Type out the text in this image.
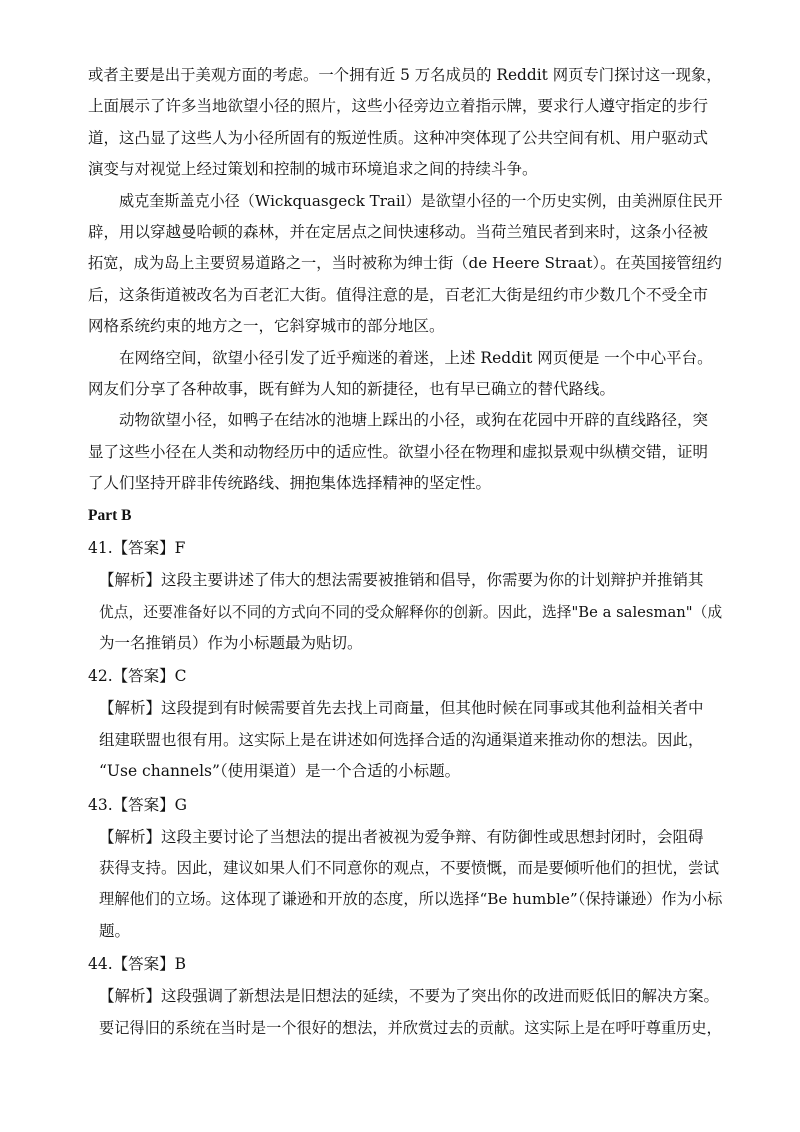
或者主要是出于美观方面的考虑。一个拥有近 5 万名成员的 Reddit 网页专门探讨这一现象，
上面展示了许多当地欲望小径的照片，这些小径旁边立着指示牌，要求行人遵守指定的步行
道，这凸显了这些人为小径所固有的叛逆性质。这种冲突体现了公共空间有机、用户驱动式
演变与对视觉上经过策划和控制的城市环境追求之间的持续斗争。

威克奎斯盖克小径（Wickquasgeck Trail）是欲望小径的一个历史实例，由美洲原住民开
辟，用以穿越曼哈顿的森林，并在定居点之间快速移动。当荷兰殖民者到来时，这条小径被
拓宽，成为岛上主要贸易道路之一，当时被称为绅士街（de Heere Straat）。在英国接管纽约
后，这条街道被改名为百老汇大街。值得注意的是，百老汇大街是纽约市少数几个不受全市
网格系统约束的地方之一，它斜穿城市的部分地区。

在网络空间，欲望小径引发了近乎痴迷的着迷，上述 Reddit 网页便是 一个中心平台。
网友们分享了各种故事，既有鲜为人知的新捷径，也有早已确立的替代路线。

动物欲望小径，如鸭子在结冰的池塘上踩出的小径，或狗在花园中开辟的直线路径，突
显了这些小径在人类和动物经历中的适应性。欲望小径在物理和虚拟景观中纵横交错，证明
了人们坚持开辟非传统路线、拥抱集体选择精神的坚定性。

Part B

41.【答案】F

【解析】这段主要讲述了伟大的想法需要被推销和倡导，你需要为你的计划辩护并推销其
优点，还要准备好以不同的方式向不同的受众解释你的创新。因此，选择"Be a salesman"（成
为一名推销员）作为小标题最为贴切。

42.【答案】C

【解析】这段提到有时候需要首先去找上司商量，但其他时候在同事或其他利益相关者中
组建联盟也很有用。这实际上是在讲述如何选择合适的沟通渠道来推动你的想法。因此，
“Use channels”（使用渠道）是一个合适的小标题。

43.【答案】G

【解析】这段主要讨论了当想法的提出者被视为爱争辩、有防御性或思想封闭时，会阻碍
获得支持。因此，建议如果人们不同意你的观点，不要愤慨，而是要倾听他们的担忧，尝试
理解他们的立场。这体现了谦逊和开放的态度，所以选择“Be humble”（保持谦逊）作为小标
题。

44.【答案】B

【解析】这段强调了新想法是旧想法的延续，不要为了突出你的改进而贬低旧的解决方案。
要记得旧的系统在当时是一个很好的想法，并欣赏过去的贡献。这实际上是在呼吁尊重历史，
